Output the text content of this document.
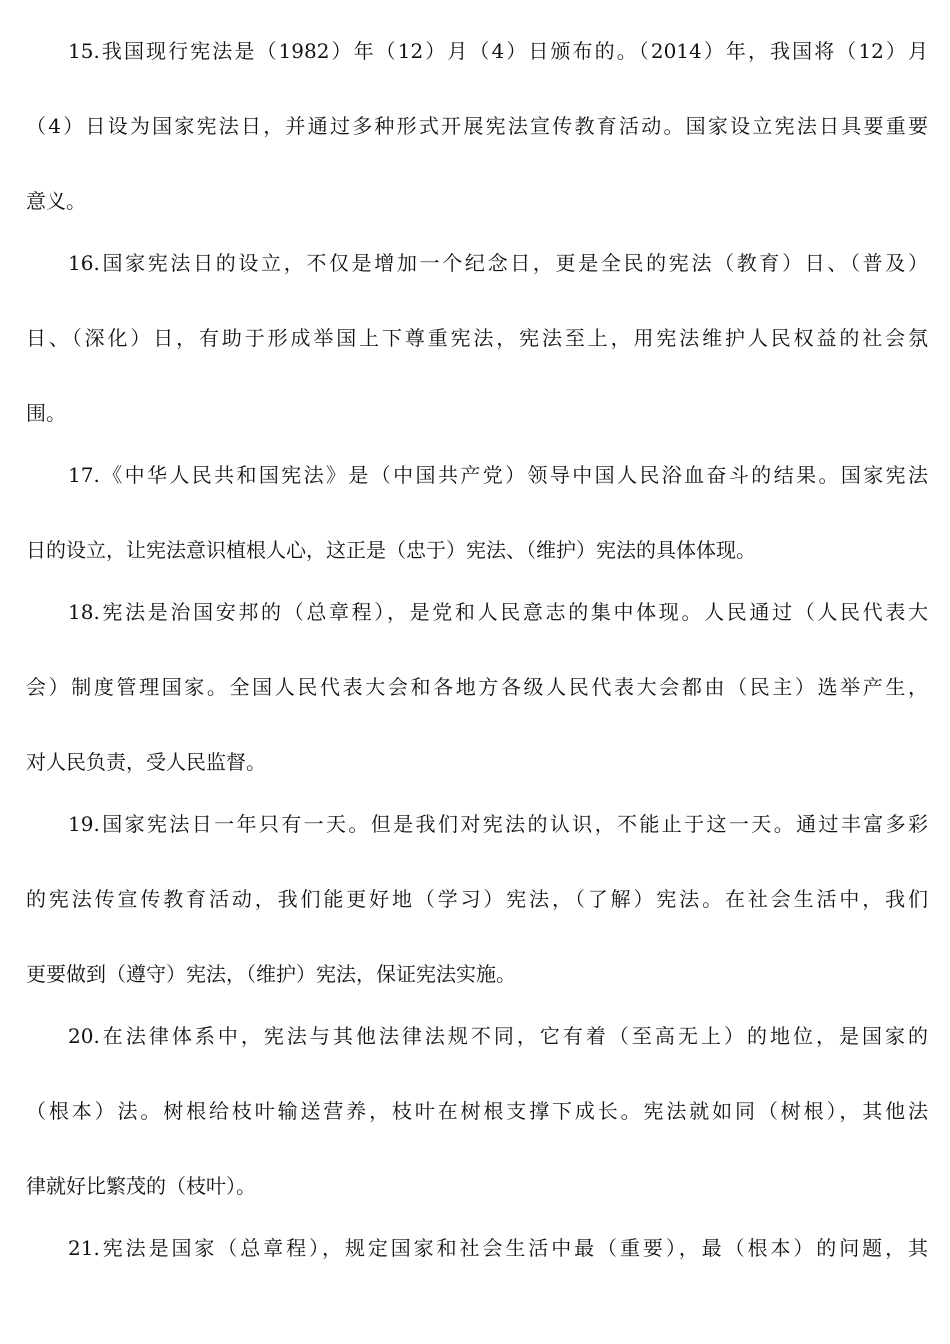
15.我国现行宪法是（1982）年（12）月（4）日颁布的。（2014）年，我国将（12）月
（4）日设为国家宪法日，并通过多种形式开展宪法宣传教育活动。国家设立宪法日具要重要
意义。
16.国家宪法日的设立，不仅是增加一个纪念日，更是全民的宪法（教育）日、（普及）
日、（深化）日，有助于形成举国上下尊重宪法，宪法至上，用宪法维护人民权益的社会氛
围。
17.《中华人民共和国宪法》是（中国共产党）领导中国人民浴血奋斗的结果。国家宪法
日的设立，让宪法意识植根人心，这正是（忠于）宪法、（维护）宪法的具体体现。
18.宪法是治国安邦的（总章程），是党和人民意志的集中体现。人民通过（人民代表大
会）制度管理国家。全国人民代表大会和各地方各级人民代表大会都由（民主）选举产生，
对人民负责，受人民监督。
19.国家宪法日一年只有一天。但是我们对宪法的认识，不能止于这一天。通过丰富多彩
的宪法传宣传教育活动，我们能更好地（学习）宪法，（了解）宪法。在社会生活中，我们
更要做到（遵守）宪法，（维护）宪法，保证宪法实施。
20.在法律体系中，宪法与其他法律法规不同，它有着（至高无上）的地位，是国家的
（根本）法。树根给枝叶输送营养，枝叶在树根支撑下成长。宪法就如同（树根），其他法
律就好比繁茂的（枝叶）。
21.宪法是国家（总章程），规定国家和社会生活中最（重要），最（根本）的问题，其
